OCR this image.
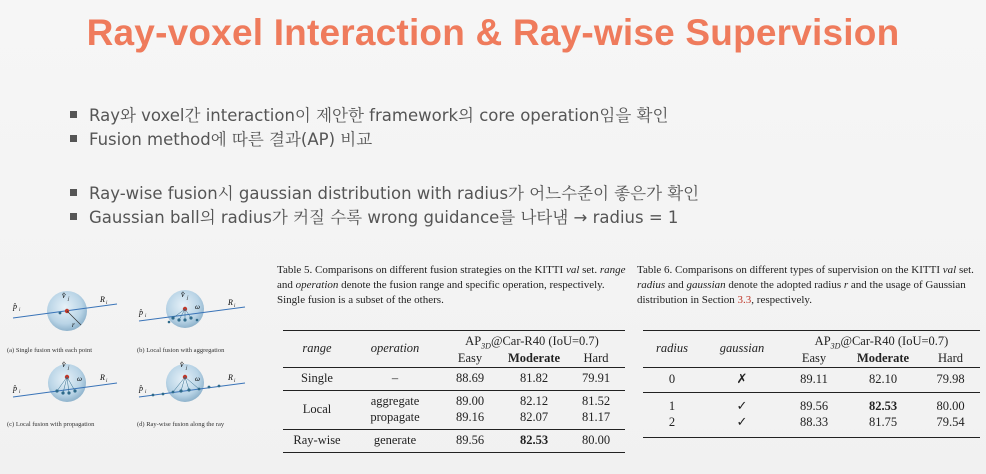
Ray-voxel Interaction & Ray-wise Supervision
Ray와 voxel간 interaction이 제안한 framework의 core operation임을 확인
Fusion method에 따른 결과(AP) 비교
Ray-wise fusion시 gaussian distribution with radius가 어느수준이 좋은가 확인
Gaussian ball의 radius가 커질 수록 wrong guidance를 나타냄 → radius = 1
p̂ i
v̂ j	R i
r
p̂ i
v̂ j
ω	R i
p̂ i
v̂ j
ω R i
p̂ i
v̂ j
ω	R i
(a) Single fusion with each point	(b) Local fusion with aggregation
(c) Local fusion with propagation	(d) Ray-wise fusion along the ray
Table 5. Comparisons on different fusion strategies on the KITTI val set. range and operation denote the fusion range and specific operation, respectively. Single fusion is a subset of the others.
range	operation	$AP_{3D}@Car-R40$ (IoU=0.7)		
		Easy	Moderate	Hard
Single	–	88.69	81.82	79.91
Local	aggregate	89.00	82.12	81.52
	propagate	89.16	82.07	81.17
Ray-wise	generate	89.56	82.53	80.00
Table 6. Comparisons on different types of supervision on the KITTI val set. radius and gaussian denote the adopted radius r and the usage of Gaussian distribution in Section 3.3, respectively.
radius	gaussian	$AP_{3D}@Car-R40$ (IoU=0.7)		
		Easy	Moderate	Hard
0	✗	89.11	82.10	79.98
1	✓	89.56	82.53	80.00
2	✓	88.33	81.75	79.54
